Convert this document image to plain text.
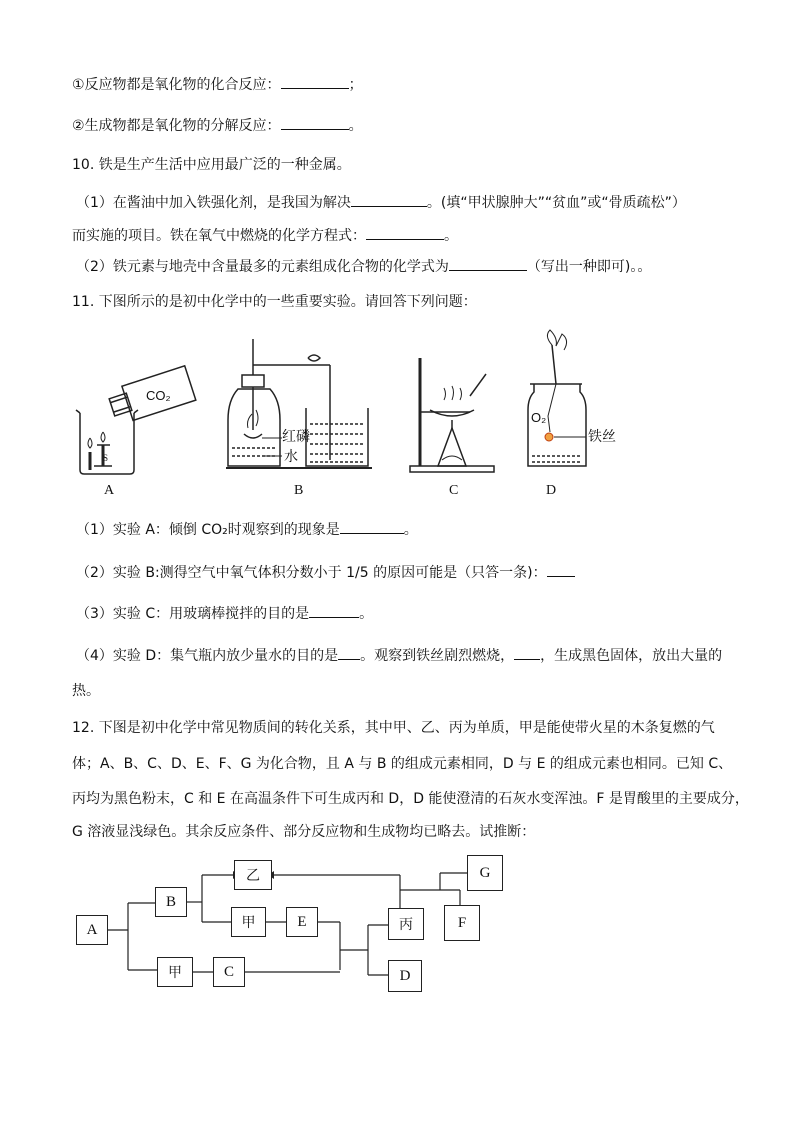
①反应物都是氧化物的化合反应：	；
②生成物都是氧化物的分解反应：	。
10. 铁是生产生活中应用最广泛的一种金属。
（1）在酱油中加入铁强化剂，是我国为解决	。(填“甲状腺肿大”“贫血”或“骨质疏松”）
而实施的项目。铁在氧气中燃烧的化学方程式：	。
（2）铁元素与地壳中含量最多的元素组成化合物的化学式为	（写出一种即可)。。
11. 下图所示的是初中化学中的一些重要实验。请回答下列问题：
CO₂
S
红磷
水
O₂
铁丝
A	B	C	D
（1）实验 A：倾倒 CO₂时观察到的现象是	。
（2）实验 B:测得空气中氧气体积分数小于 1/5 的原因可能是（只答一条)：
（3）实验 C：用玻璃棒搅拌的目的是	。
（4）实验 D：集气瓶内放少量水的目的是 。观察到铁丝剧烈燃烧， ，生成黑色固体，放出大量的
热。
12. 下图是初中化学中常见物质间的转化关系，其中甲、乙、丙为单质，甲是能使带火星的木条复燃的气
体；A、B、C、D、E、F、G 为化合物，且 A 与 B 的组成元素相同，D 与 E 的组成元素也相同。已知 C、
丙均为黑色粉末，C 和 E 在高温条件下可生成丙和 D，D 能使澄清的石灰水变浑浊。F 是胃酸里的主要成分，
G 溶液显浅绿色。其余反应条件、部分反应物和生成物均已略去。试推断：
A
B
乙
甲	E	丙
G
F
甲	C	D
